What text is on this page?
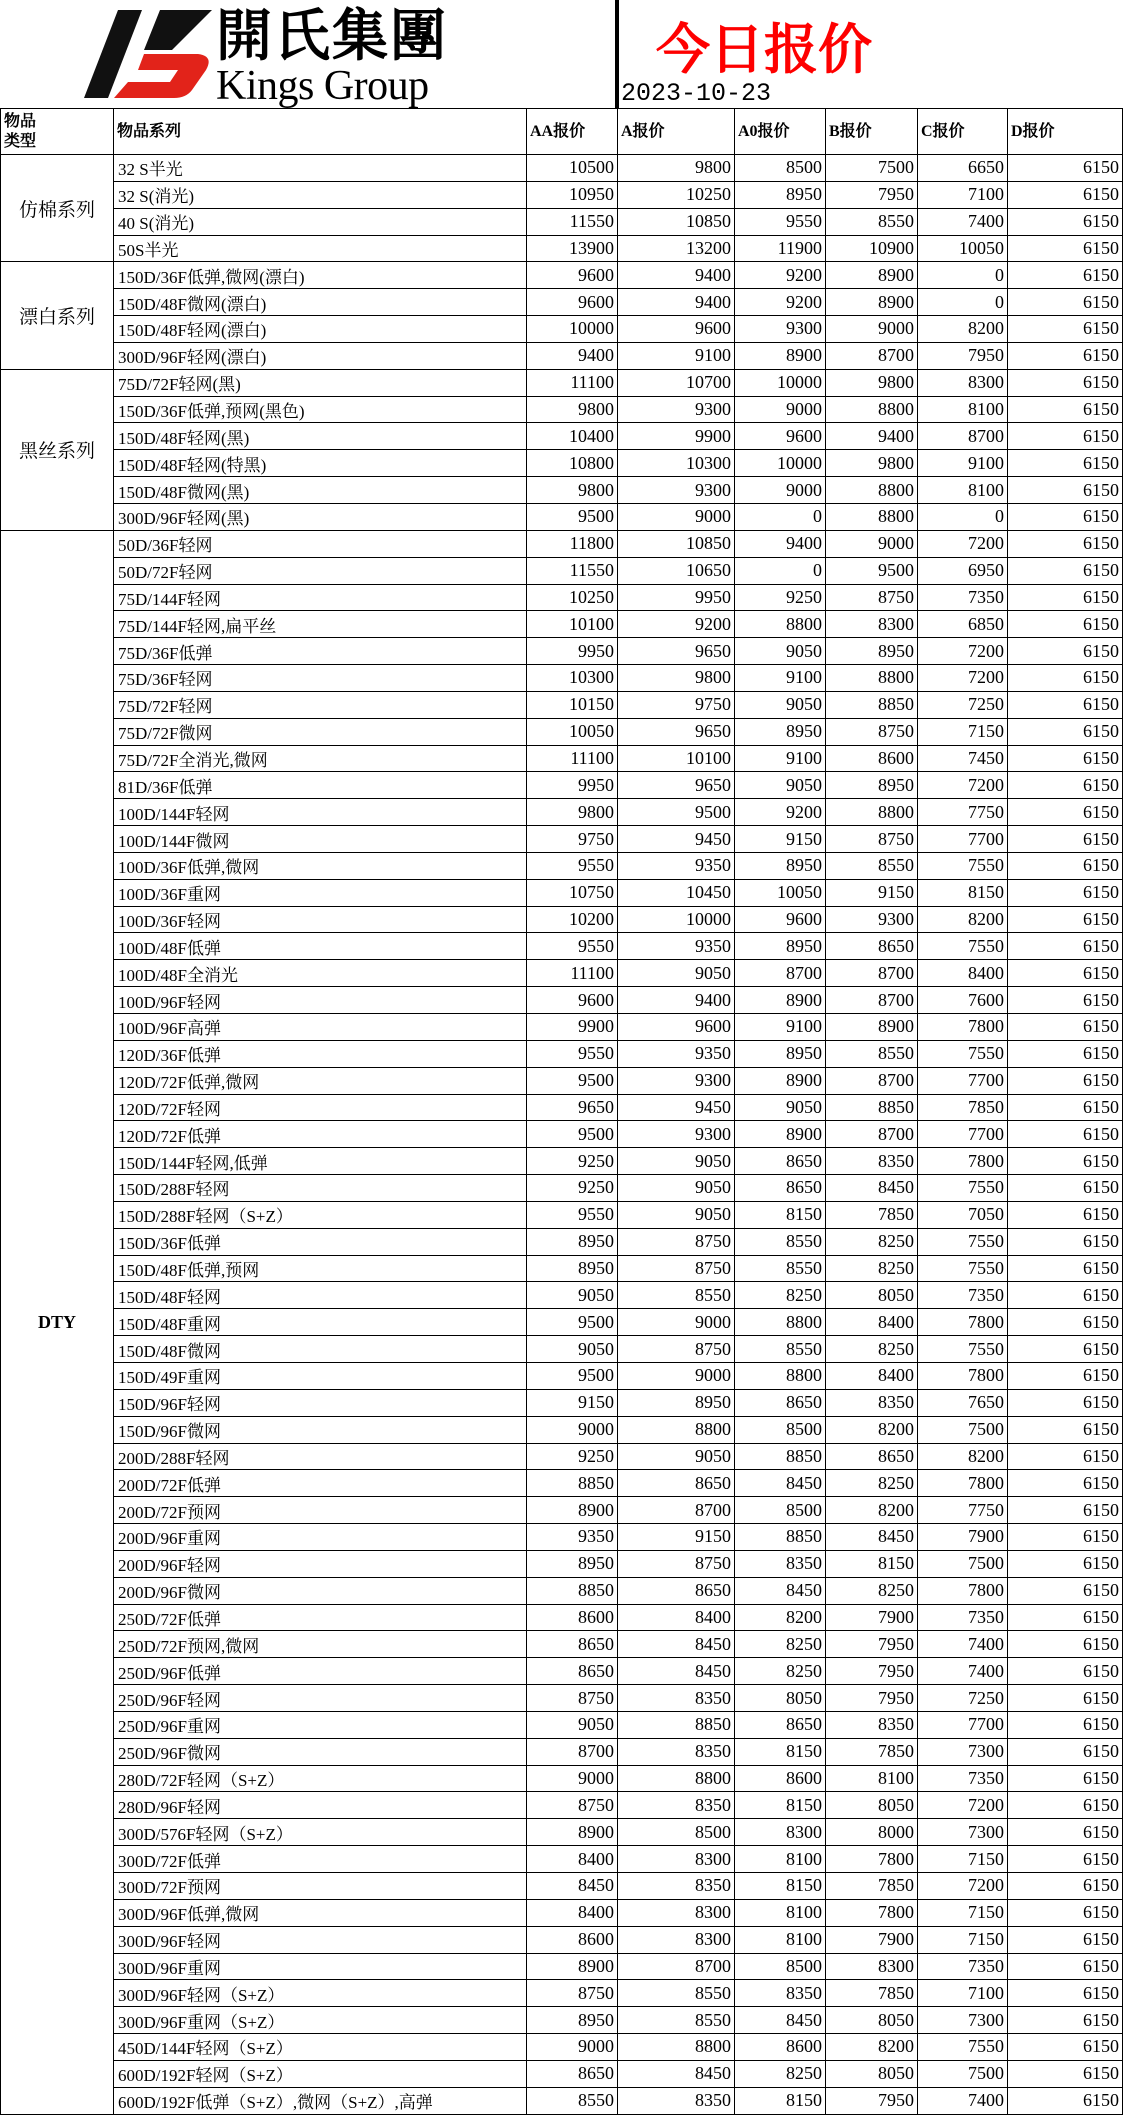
開氏集團
Kings Group
今日报价
2023-10-23
物品
类型
物品系列	AA报价	A报价	A0报价	B报价	C报价	D报价
仿棉系列
32 S半光	10500	9800	8500	7500	6650	6150
32 S(消光)	10950	10250	8950	7950	7100	6150
40 S(消光)	11550	10850	9550	8550	7400	6150
50S半光	13900	13200	11900	10900	10050	6150
漂白系列
150D/36F低弹,微网(漂白)	9600	9400	9200	8900	0	6150
150D/48F微网(漂白)	9600	9400	9200	8900	0	6150
150D/48F轻网(漂白)	10000	9600	9300	9000	8200	6150
300D/96F轻网(漂白)	9400	9100	8900	8700	7950	6150
黑丝系列
75D/72F轻网(黑)	11100	10700	10000	9800	8300	6150
150D/36F低弹,预网(黑色)	9800	9300	9000	8800	8100	6150
150D/48F轻网(黑)	10400	9900	9600	9400	8700	6150
150D/48F轻网(特黑)	10800	10300	10000	9800	9100	6150
150D/48F微网(黑)	9800	9300	9000	8800	8100	6150
300D/96F轻网(黑)	9500	9000	0	8800	0	6150
DTY
50D/36F轻网	11800	10850	9400	9000	7200	6150
50D/72F轻网	11550	10650	0	9500	6950	6150
75D/144F轻网	10250	9950	9250	8750	7350	6150
75D/144F轻网,扁平丝	10100	9200	8800	8300	6850	6150
75D/36F低弹	9950	9650	9050	8950	7200	6150
75D/36F轻网	10300	9800	9100	8800	7200	6150
75D/72F轻网	10150	9750	9050	8850	7250	6150
75D/72F微网	10050	9650	8950	8750	7150	6150
75D/72F全消光,微网	11100	10100	9100	8600	7450	6150
81D/36F低弹	9950	9650	9050	8950	7200	6150
100D/144F轻网	9800	9500	9200	8800	7750	6150
100D/144F微网	9750	9450	9150	8750	7700	6150
100D/36F低弹,微网	9550	9350	8950	8550	7550	6150
100D/36F重网	10750	10450	10050	9150	8150	6150
100D/36F轻网	10200	10000	9600	9300	8200	6150
100D/48F低弹	9550	9350	8950	8650	7550	6150
100D/48F全消光	11100	9050	8700	8700	8400	6150
100D/96F轻网	9600	9400	8900	8700	7600	6150
100D/96F高弹	9900	9600	9100	8900	7800	6150
120D/36F低弹	9550	9350	8950	8550	7550	6150
120D/72F低弹,微网	9500	9300	8900	8700	7700	6150
120D/72F轻网	9650	9450	9050	8850	7850	6150
120D/72F低弹	9500	9300	8900	8700	7700	6150
150D/144F轻网,低弹	9250	9050	8650	8350	7800	6150
150D/288F轻网	9250	9050	8650	8450	7550	6150
150D/288F轻网（S+Z）	9550	9050	8150	7850	7050	6150
150D/36F低弹	8950	8750	8550	8250	7550	6150
150D/48F低弹,预网	8950	8750	8550	8250	7550	6150
150D/48F轻网	9050	8550	8250	8050	7350	6150
150D/48F重网	9500	9000	8800	8400	7800	6150
150D/48F微网	9050	8750	8550	8250	7550	6150
150D/49F重网	9500	9000	8800	8400	7800	6150
150D/96F轻网	9150	8950	8650	8350	7650	6150
150D/96F微网	9000	8800	8500	8200	7500	6150
200D/288F轻网	9250	9050	8850	8650	8200	6150
200D/72F低弹	8850	8650	8450	8250	7800	6150
200D/72F预网	8900	8700	8500	8200	7750	6150
200D/96F重网	9350	9150	8850	8450	7900	6150
200D/96F轻网	8950	8750	8350	8150	7500	6150
200D/96F微网	8850	8650	8450	8250	7800	6150
250D/72F低弹	8600	8400	8200	7900	7350	6150
250D/72F预网,微网	8650	8450	8250	7950	7400	6150
250D/96F低弹	8650	8450	8250	7950	7400	6150
250D/96F轻网	8750	8350	8050	7950	7250	6150
250D/96F重网	9050	8850	8650	8350	7700	6150
250D/96F微网	8700	8350	8150	7850	7300	6150
280D/72F轻网（S+Z）	9000	8800	8600	8100	7350	6150
280D/96F轻网	8750	8350	8150	8050	7200	6150
300D/576F轻网（S+Z）	8900	8500	8300	8000	7300	6150
300D/72F低弹	8400	8300	8100	7800	7150	6150
300D/72F预网	8450	8350	8150	7850	7200	6150
300D/96F低弹,微网	8400	8300	8100	7800	7150	6150
300D/96F轻网	8600	8300	8100	7900	7150	6150
300D/96F重网	8900	8700	8500	8300	7350	6150
300D/96F轻网（S+Z）	8750	8550	8350	7850	7100	6150
300D/96F重网（S+Z）	8950	8550	8450	8050	7300	6150
450D/144F轻网（S+Z）	9000	8800	8600	8200	7550	6150
600D/192F轻网（S+Z）	8650	8450	8250	8050	7500	6150
600D/192F低弹（S+Z）,微网（S+Z）,高弹	8550	8350	8150	7950	7400	6150
